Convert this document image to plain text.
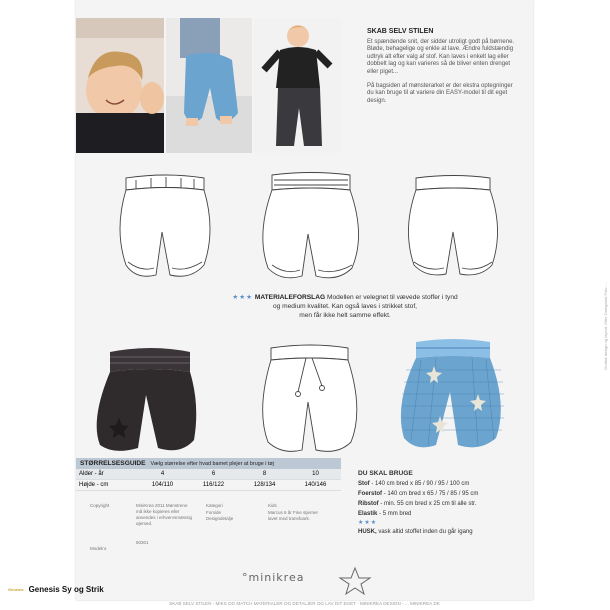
Grafisk design og layout: Gitte Damgaard Foto: ...
SKAB SELV STILEN

Et spændende snit, der sidder utroligt godt på børnene. Bløde, behagelige og enkle at lave. Ændre fuldstændig udtryk alt efter valg af stof. Kan laves i enkelt lag eller dobbelt lag og kan varieres så de bliver enten drenget eller piget...

På bagsiden af mønsterarket er der ekstra optegninger du kan bruge til at variere din EASY-model til dit eget design.

★★★ MATERIALEFORSLAG Modellen er velegnet til vævede stoffer i tynd
og medium kvalitet. Kan også laves i strikket stof,
men får ikke helt samme effekt.
STØRRELSESGUIDE Vælg størrelse efter hvad barnet plejer at bruge i tøj
Alder - år	4	6	8	10
Højde - cm	104/110	116/122	128/134	140/146
Copyright	MiniKrea 2011 Mønstrene må ikke kopieres eller anvendes i erhvervsmæssig øjemed.
Modelnr.
50301
Kategori
Forside Designdetalje
Kids
Marcus 6 år Fine stjerner lavet med transfoark.
DU SKAL BRUGE
Stof - 140 cm bred x 85 / 90 / 95 / 100 cm
Foerstof - 140 cm bred x 65 / 75 / 85 / 95 cm
Ribstof - min. 55 cm bred x 25 cm til alle str.
Elastik - 5 mm bred
★★★
HUSK, vask altid stoffet inden du går igang
°minikrea
SKAB SELV STILEN - MIKS OG MATCH MATERIALER OG DETALJER OG LAV DIT EGET - MINIKREA DESIGN - ... MINIKREA.DK
Genesis Genesis Sy og Strik
